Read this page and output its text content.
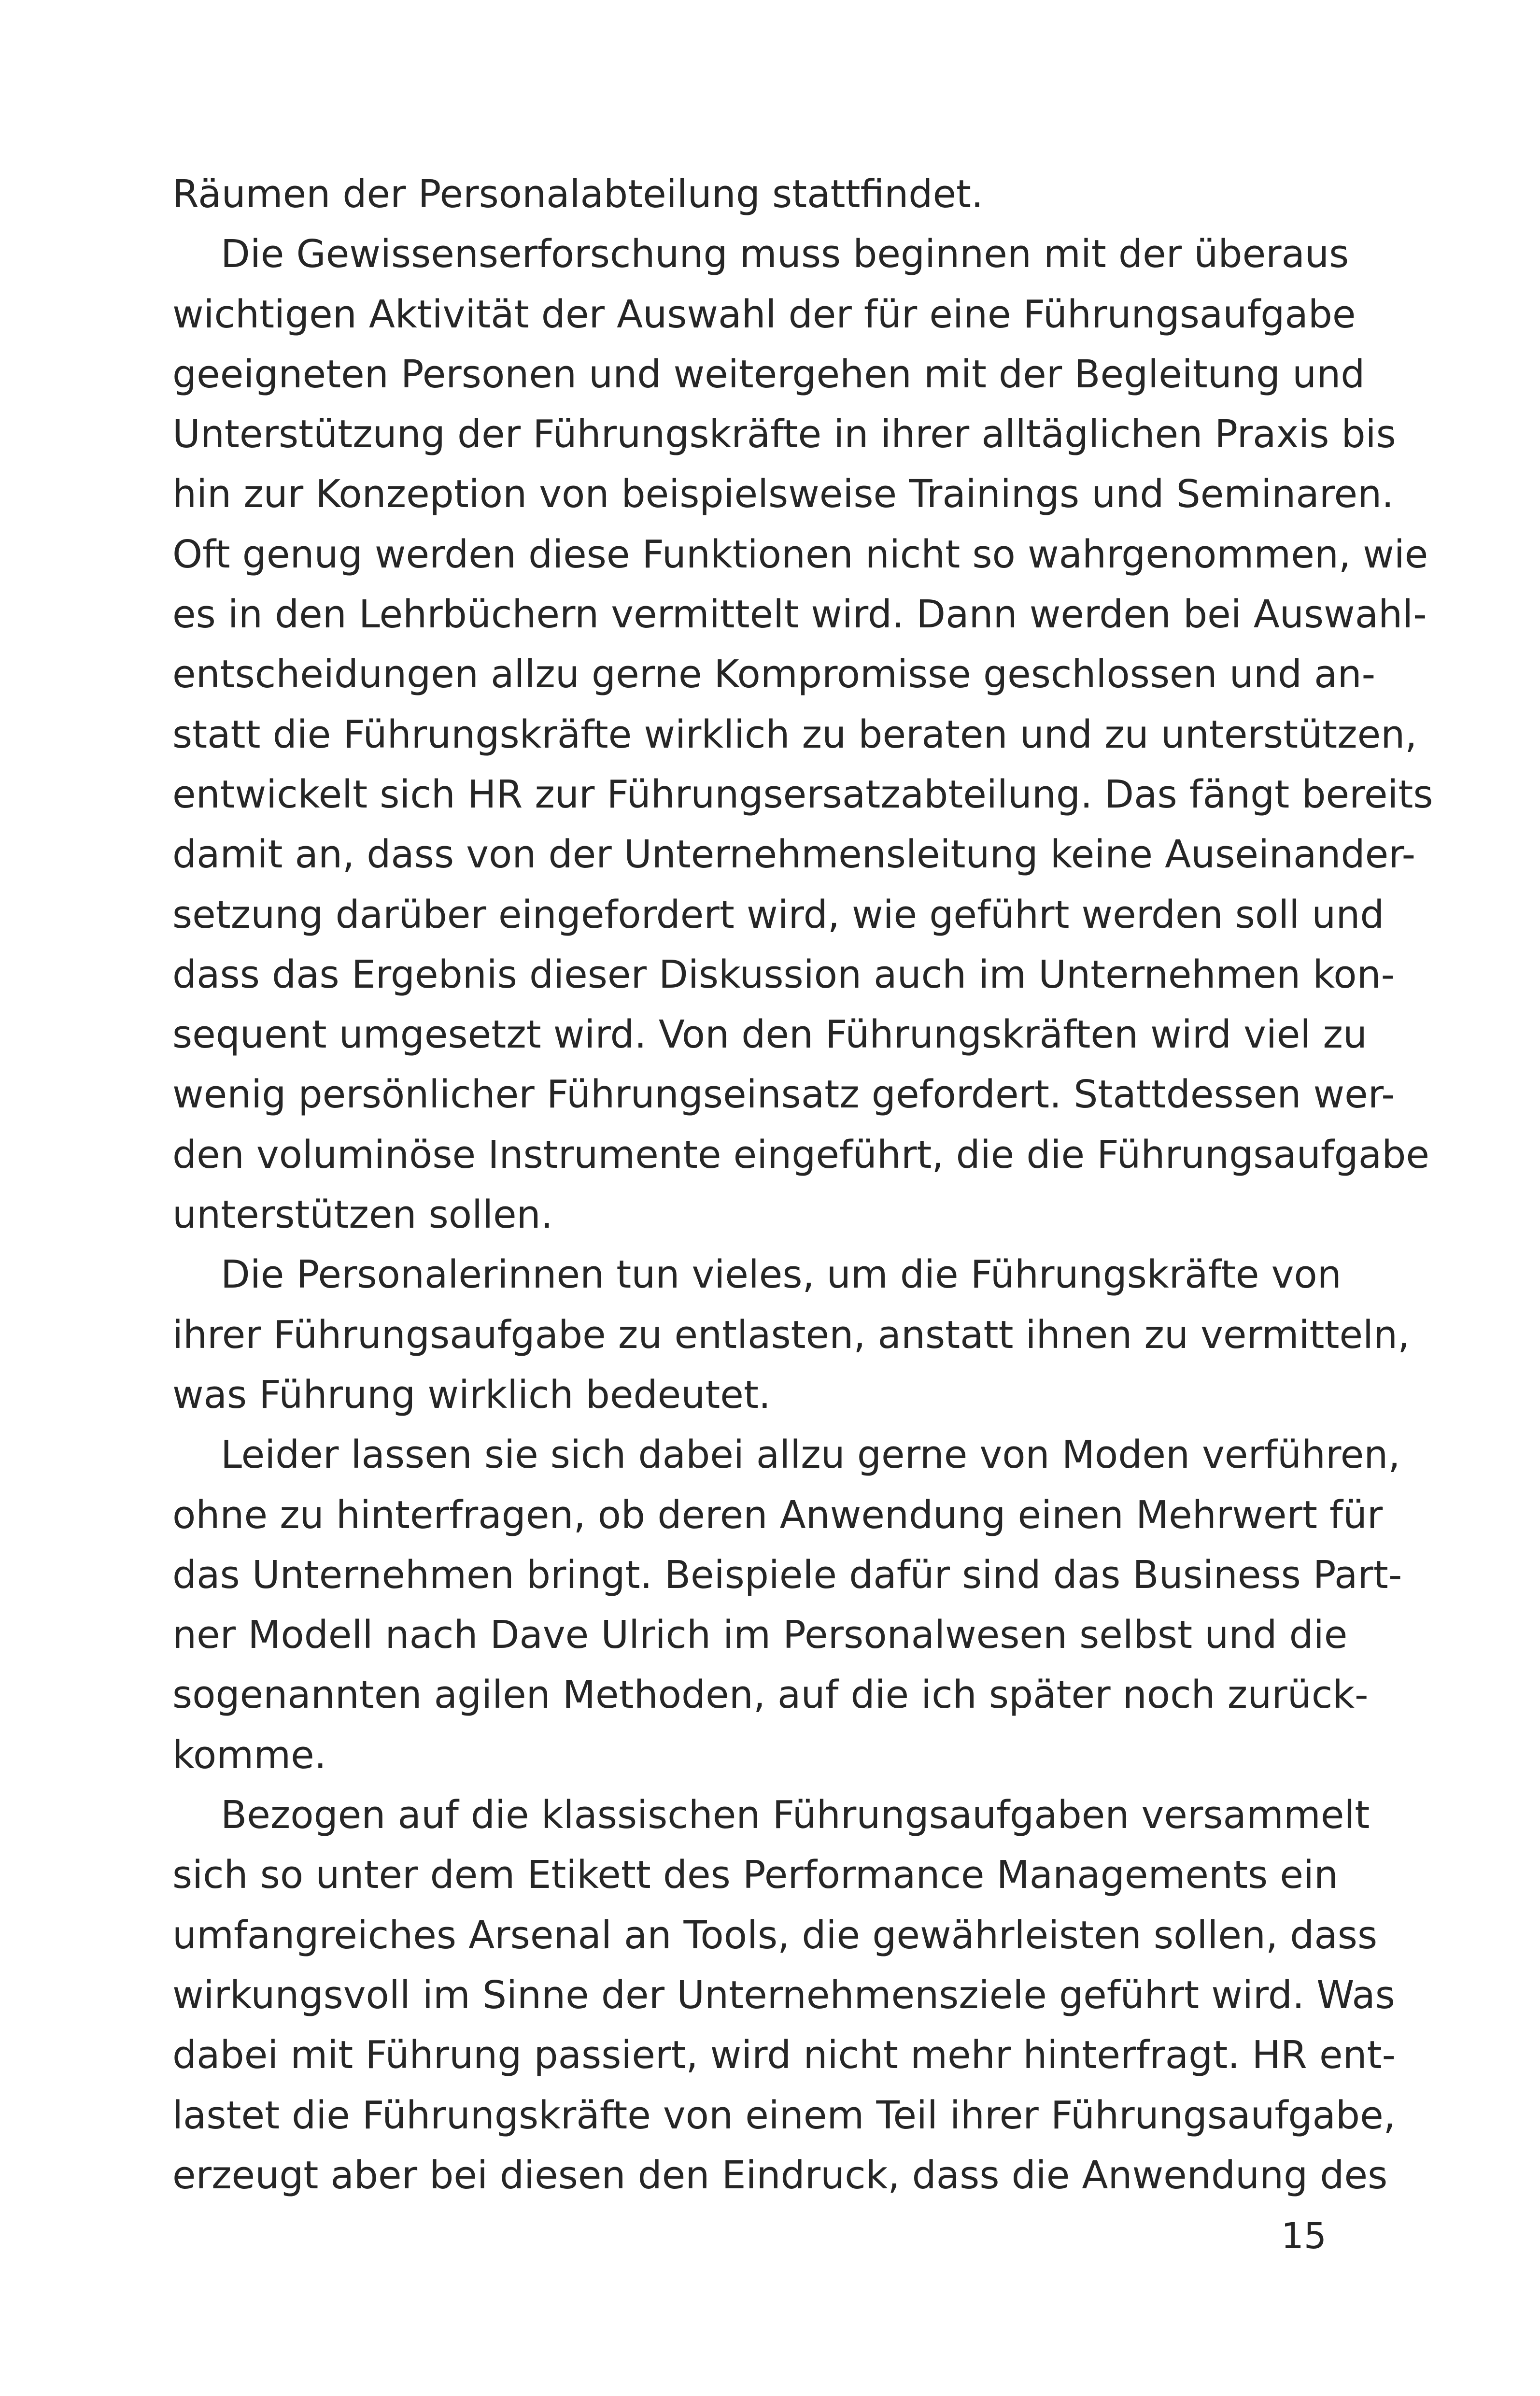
Räumen der Personalabteilung stattfindet.
Die Gewissenserforschung muss beginnen mit der überaus
wichtigen Aktivität der Auswahl der für eine Führungsaufgabe
geeigneten Personen und weitergehen mit der Begleitung und
Unterstützung der Führungskräfte in ihrer alltäglichen Praxis bis
hin zur Konzeption von beispielsweise Trainings und Seminaren.
Oft genug werden diese Funktionen nicht so wahrgenommen, wie
es in den Lehrbüchern vermittelt wird. Dann werden bei Auswahl-
entscheidungen allzu gerne Kompromisse geschlossen und an-
statt die Führungskräfte wirklich zu beraten und zu unterstützen,
entwickelt sich HR zur Führungsersatzabteilung. Das fängt bereits
damit an, dass von der Unternehmensleitung keine Auseinander-
setzung darüber eingefordert wird, wie geführt werden soll und
dass das Ergebnis dieser Diskussion auch im Unternehmen kon-
sequent umgesetzt wird. Von den Führungskräften wird viel zu
wenig persönlicher Führungseinsatz gefordert. Stattdessen wer-
den voluminöse Instrumente eingeführt, die die Führungsaufgabe
unterstützen sollen.
Die Personalerinnen tun vieles, um die Führungskräfte von
ihrer Führungsaufgabe zu entlasten, anstatt ihnen zu vermitteln,
was Führung wirklich bedeutet.
Leider lassen sie sich dabei allzu gerne von Moden verführen,
ohne zu hinterfragen, ob deren Anwendung einen Mehrwert für
das Unternehmen bringt. Beispiele dafür sind das Business Part-
ner Modell nach Dave Ulrich im Personalwesen selbst und die
sogenannten agilen Methoden, auf die ich später noch zurück-
komme.
Bezogen auf die klassischen Führungsaufgaben versammelt
sich so unter dem Etikett des Performance Managements ein
umfangreiches Arsenal an Tools, die gewährleisten sollen, dass
wirkungsvoll im Sinne der Unternehmensziele geführt wird. Was
dabei mit Führung passiert, wird nicht mehr hinterfragt. HR ent-
lastet die Führungskräfte von einem Teil ihrer Führungsaufgabe,
erzeugt aber bei diesen den Eindruck, dass die Anwendung des
15
